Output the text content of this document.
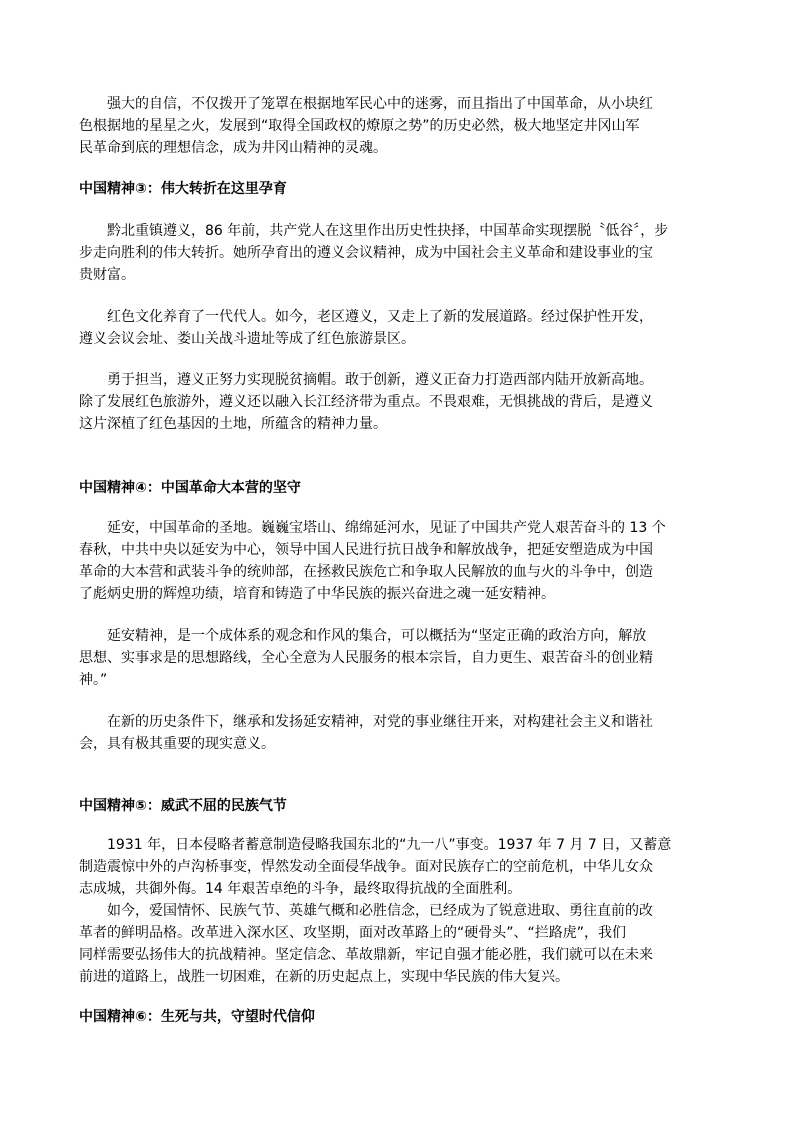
强大的自信，不仅拨开了笼罩在根据地军民心中的迷雾，而且指出了中国革命，从小块红
色根据地的星星之火，发展到“取得全国政权的燎原之势”的历史必然，极大地坚定井冈山军
民革命到底的理想信念，成为井冈山精神的灵魂。
中国精神③：伟大转折在这里孕育
黔北重镇遵义，86 年前，共产党人在这里作出历史性抉择，中国革命实现摆脱〝低谷〞，步
步走向胜利的伟大转折。她所孕育出的遵义会议精神，成为中国社会主义革命和建设事业的宝
贵财富。
红色文化养育了一代代人。如今，老区遵义，又走上了新的发展道路。经过保护性开发，
遵义会议会址、娄山关战斗遗址等成了红色旅游景区。
勇于担当，遵义正努力实现脱贫摘帽。敢于创新，遵义正奋力打造西部内陆开放新高地。
除了发展红色旅游外，遵义还以融入长江经济带为重点。不畏艰难，无惧挑战的背后，是遵义
这片深植了红色基因的土地，所蕴含的精神力量。
中国精神④：中国革命大本营的坚守
延安，中国革命的圣地。巍巍宝塔山、绵绵延河水，见证了中国共产党人艰苦奋斗的 13 个
春秋，中共中央以延安为中心，领导中国人民进行抗日战争和解放战争，把延安塑造成为中国
革命的大本营和武装斗争的统帅部，在拯救民族危亡和争取人民解放的血与火的斗争中，创造
了彪炳史册的辉煌功绩，培育和铸造了中华民族的振兴奋进之魂一延安精神。
延安精神，是一个成体系的观念和作风的集合，可以概括为“坚定正确的政治方向，解放
思想、实事求是的思想路线，全心全意为人民服务的根本宗旨，自力更生、艰苦奋斗的创业精
神。”
在新的历史条件下，继承和发扬延安精神，对党的事业继往开来，对构建社会主义和谐社
会，具有极其重要的现实意义。
中国精神⑤：威武不屈的民族气节
1931 年，日本侵略者蓄意制造侵略我国东北的“九一八”事变。1937 年 7 月 7 日，又蓄意
制造震惊中外的卢沟桥事变，悍然发动全面侵华战争。面对民族存亡的空前危机，中华儿女众
志成城，共御外侮。14 年艰苦卓绝的斗争，最终取得抗战的全面胜利。
如今，爱国情怀、民族气节、英雄气概和必胜信念，已经成为了锐意进取、勇往直前的改
革者的鲜明品格。改革进入深水区、攻坚期，面对改革路上的“硬骨头”、“拦路虎”，我们
同样需要弘扬伟大的抗战精神。坚定信念、革故鼎新，牢记自强才能必胜，我们就可以在未来
前进的道路上，战胜一切困难，在新的历史起点上，实现中华民族的伟大复兴。
中国精神⑥：生死与共，守望时代信仰
